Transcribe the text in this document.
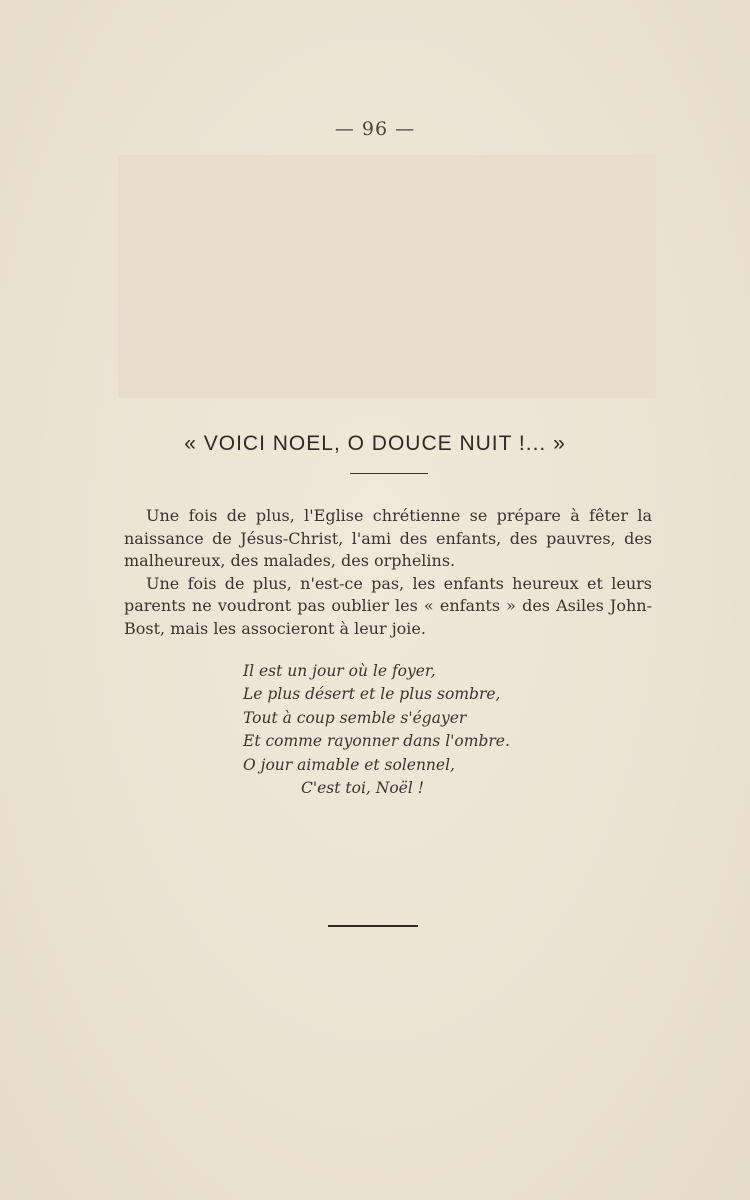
— 96 —
« VOICI NOEL, O DOUCE NUIT !... »

Une fois de plus, l'Eglise chrétienne se prépare à fêter la naissance de Jésus-Christ, l'ami des enfants, des pauvres, des malheureux, des malades, des orphelins.

Une fois de plus, n'est-ce pas, les enfants heureux et leurs parents ne voudront pas oublier les « enfants » des Asiles John-Bost, mais les associeront à leur joie.

Il est un jour où le foyer,
Le plus désert et le plus sombre,
Tout à coup semble s'égayer
Et comme rayonner dans l'ombre.
O jour aimable et solennel,
C'est toi, Noël !
